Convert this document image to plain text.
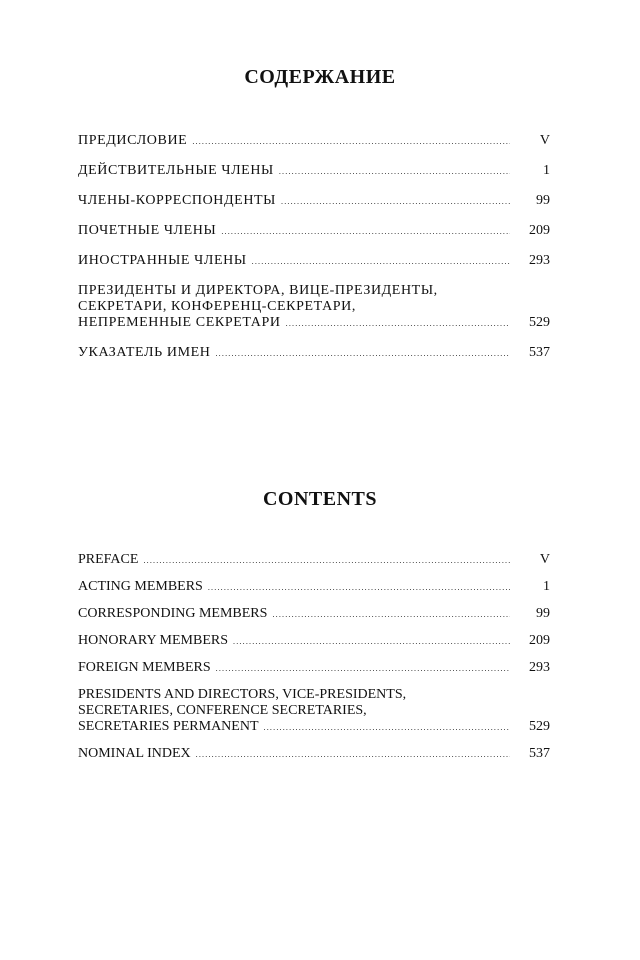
СОДЕРЖАНИЕ
ПРЕДИСЛОВИЕ .....	V
ДЕЙСТВИТЕЛЬНЫЕ ЧЛЕНЫ .....	1
ЧЛЕНЫ-КОРРЕСПОНДЕНТЫ .....	99
ПОЧЕТНЫЕ ЧЛЕНЫ .....	209
ИНОСТРАННЫЕ ЧЛЕНЫ .....	293
ПРЕЗИДЕНТЫ И ДИРЕКТОРА, ВИЦЕ-ПРЕЗИДЕНТЫ,
СЕКРЕТАРИ, КОНФЕРЕНЦ-СЕКРЕТАРИ,
НЕПРЕМЕННЫЕ СЕКРЕТАРИ .....	529
УКАЗАТЕЛЬ ИМЕН .....	537
CONTENTS
PREFACE .....	V
ACTING MEMBERS .....	1
CORRESPONDING MEMBERS .....	99
HONORARY MEMBERS .....	209
FOREIGN MEMBERS .....	293
PRESIDENTS AND DIRECTORS, VICE-PRESIDENTS,
SECRETARIES, CONFERENCE SECRETARIES,
SECRETARIES PERMANENT .....	529
NOMINAL INDEX .....	537
